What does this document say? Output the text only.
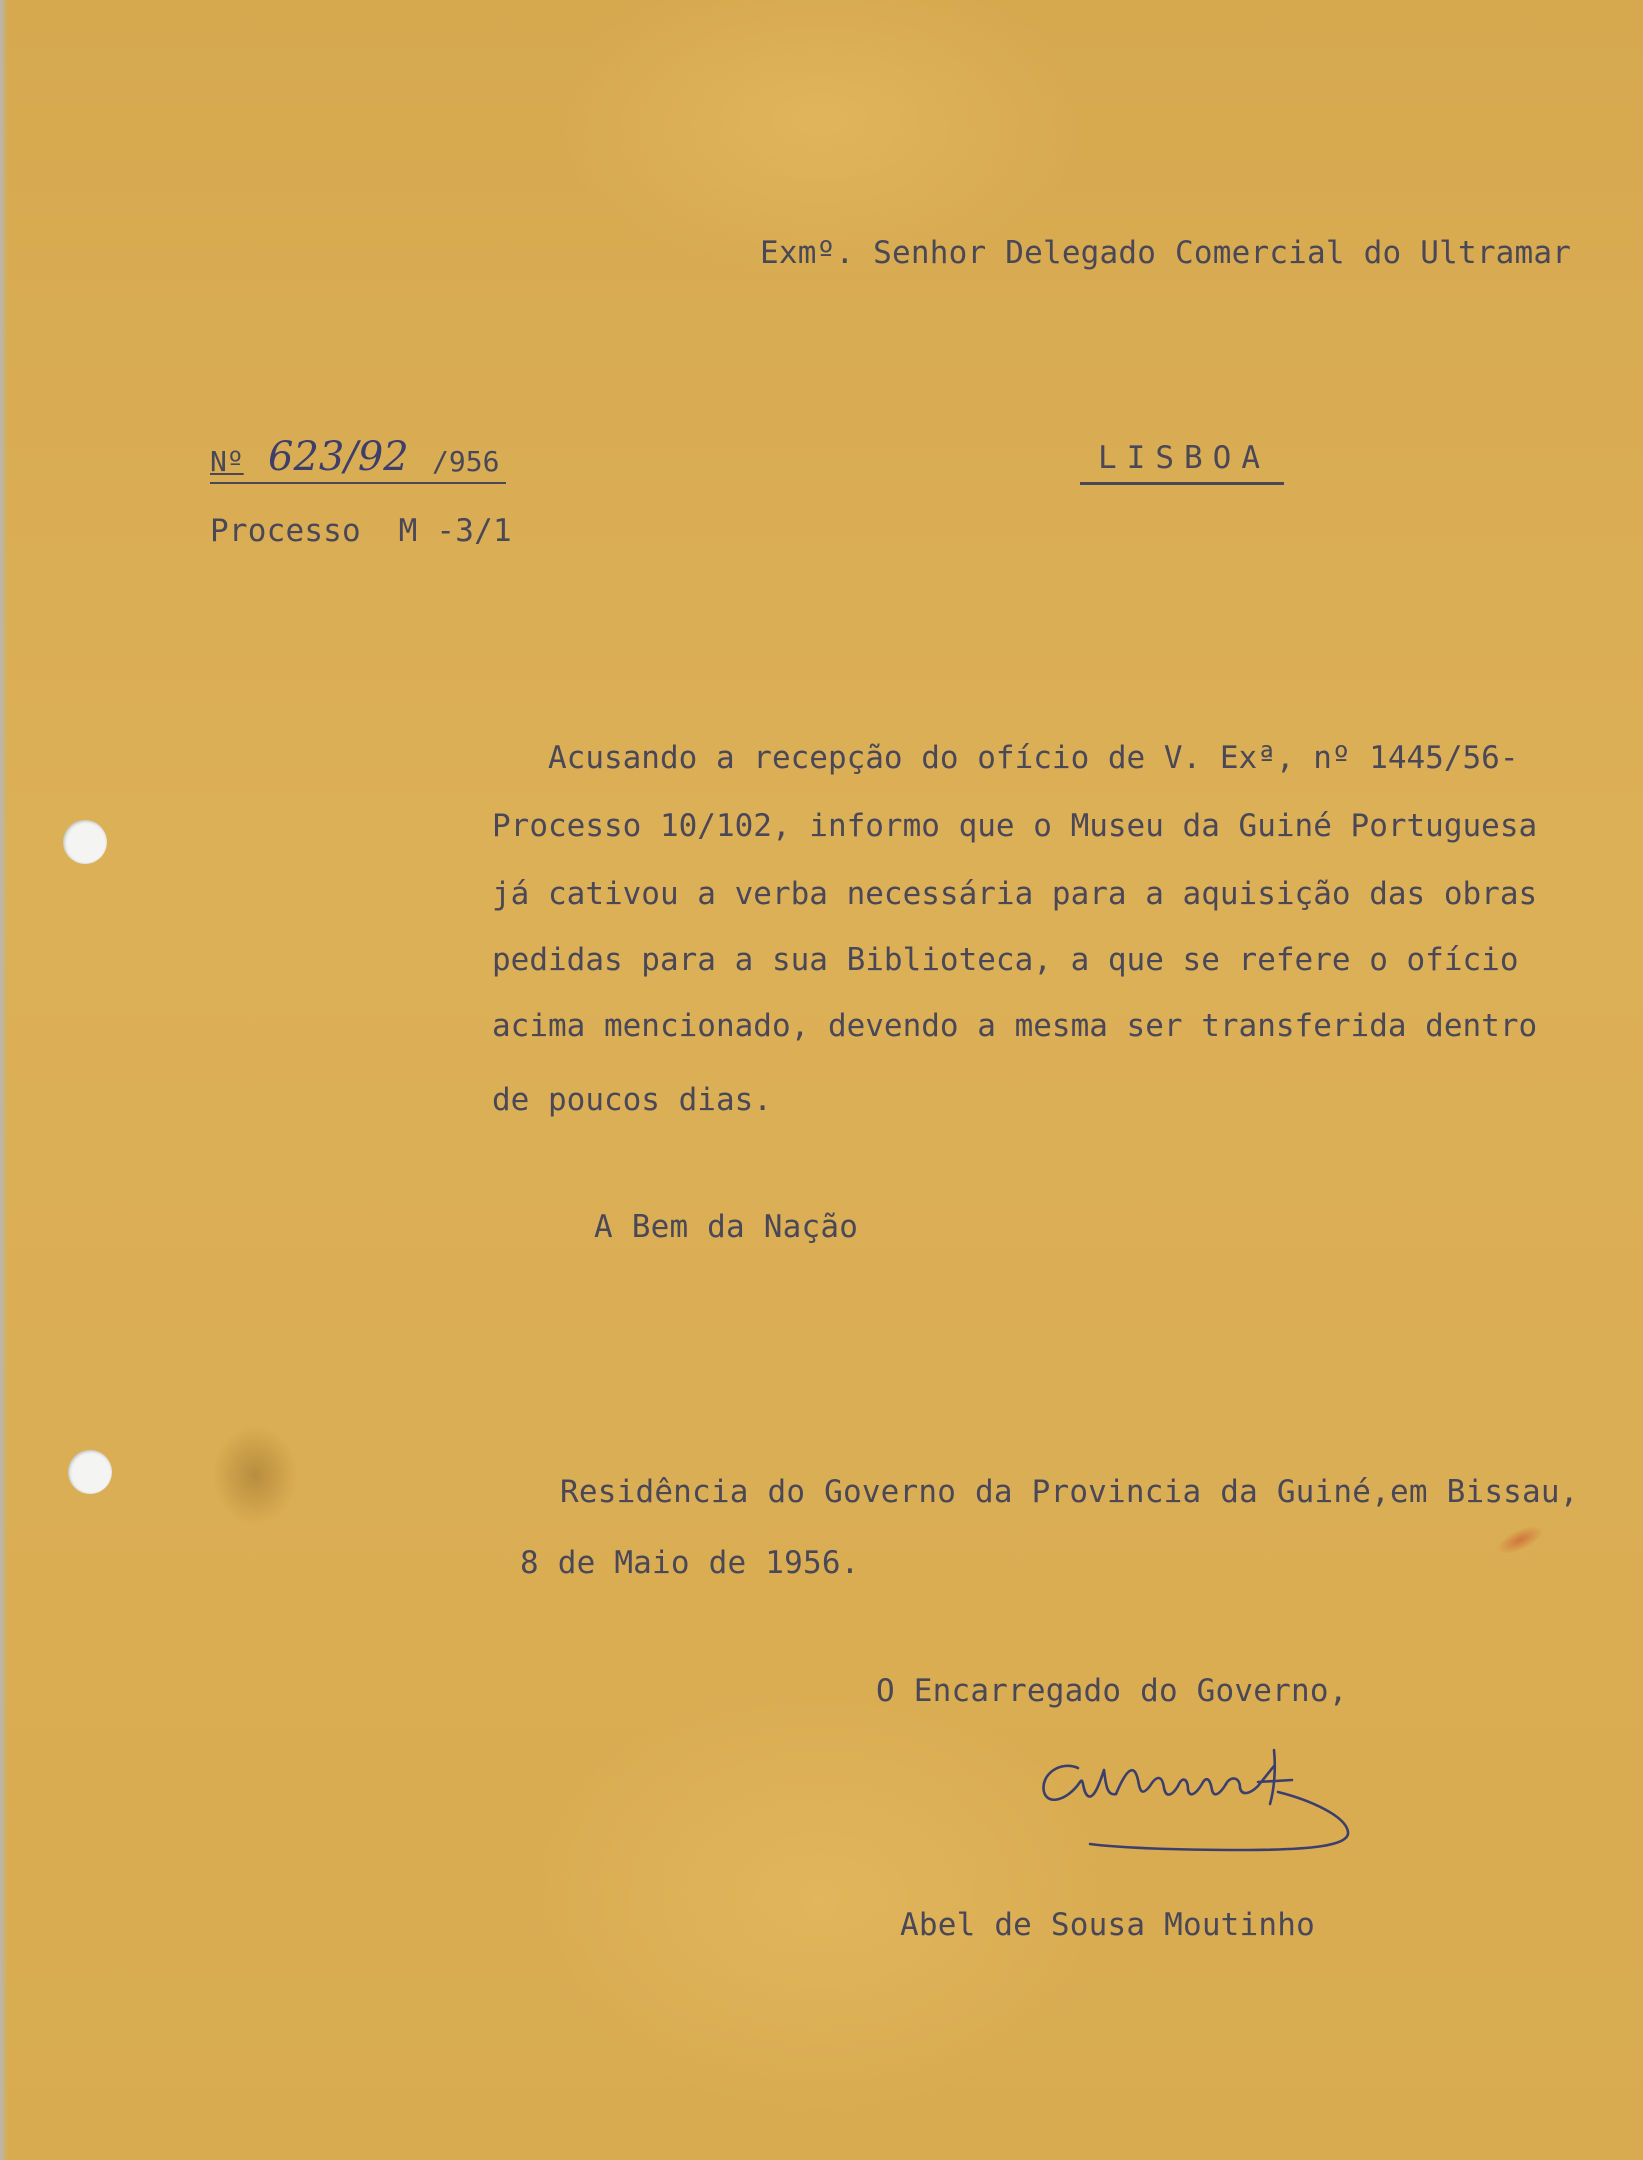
Exmº. Senhor Delegado Comercial do Ultramar
Nº 623/92 /956	LISBOA
Processo  M -3/1
Acusando a recepção do ofício de V. Exª, nº 1445/56-
Processo 10/102, informo que o Museu da Guiné Portuguesa
já cativou a verba necessária para a aquisição das obras
pedidas para a sua Biblioteca, a que se refere o ofício
acima mencionado, devendo a mesma ser transferida dentro
de poucos dias.
A Bem da Nação
Residência do Governo da Provincia da Guiné,em Bissau,
8 de Maio de 1956.
O Encarregado do Governo,
Abel de Sousa Moutinho
